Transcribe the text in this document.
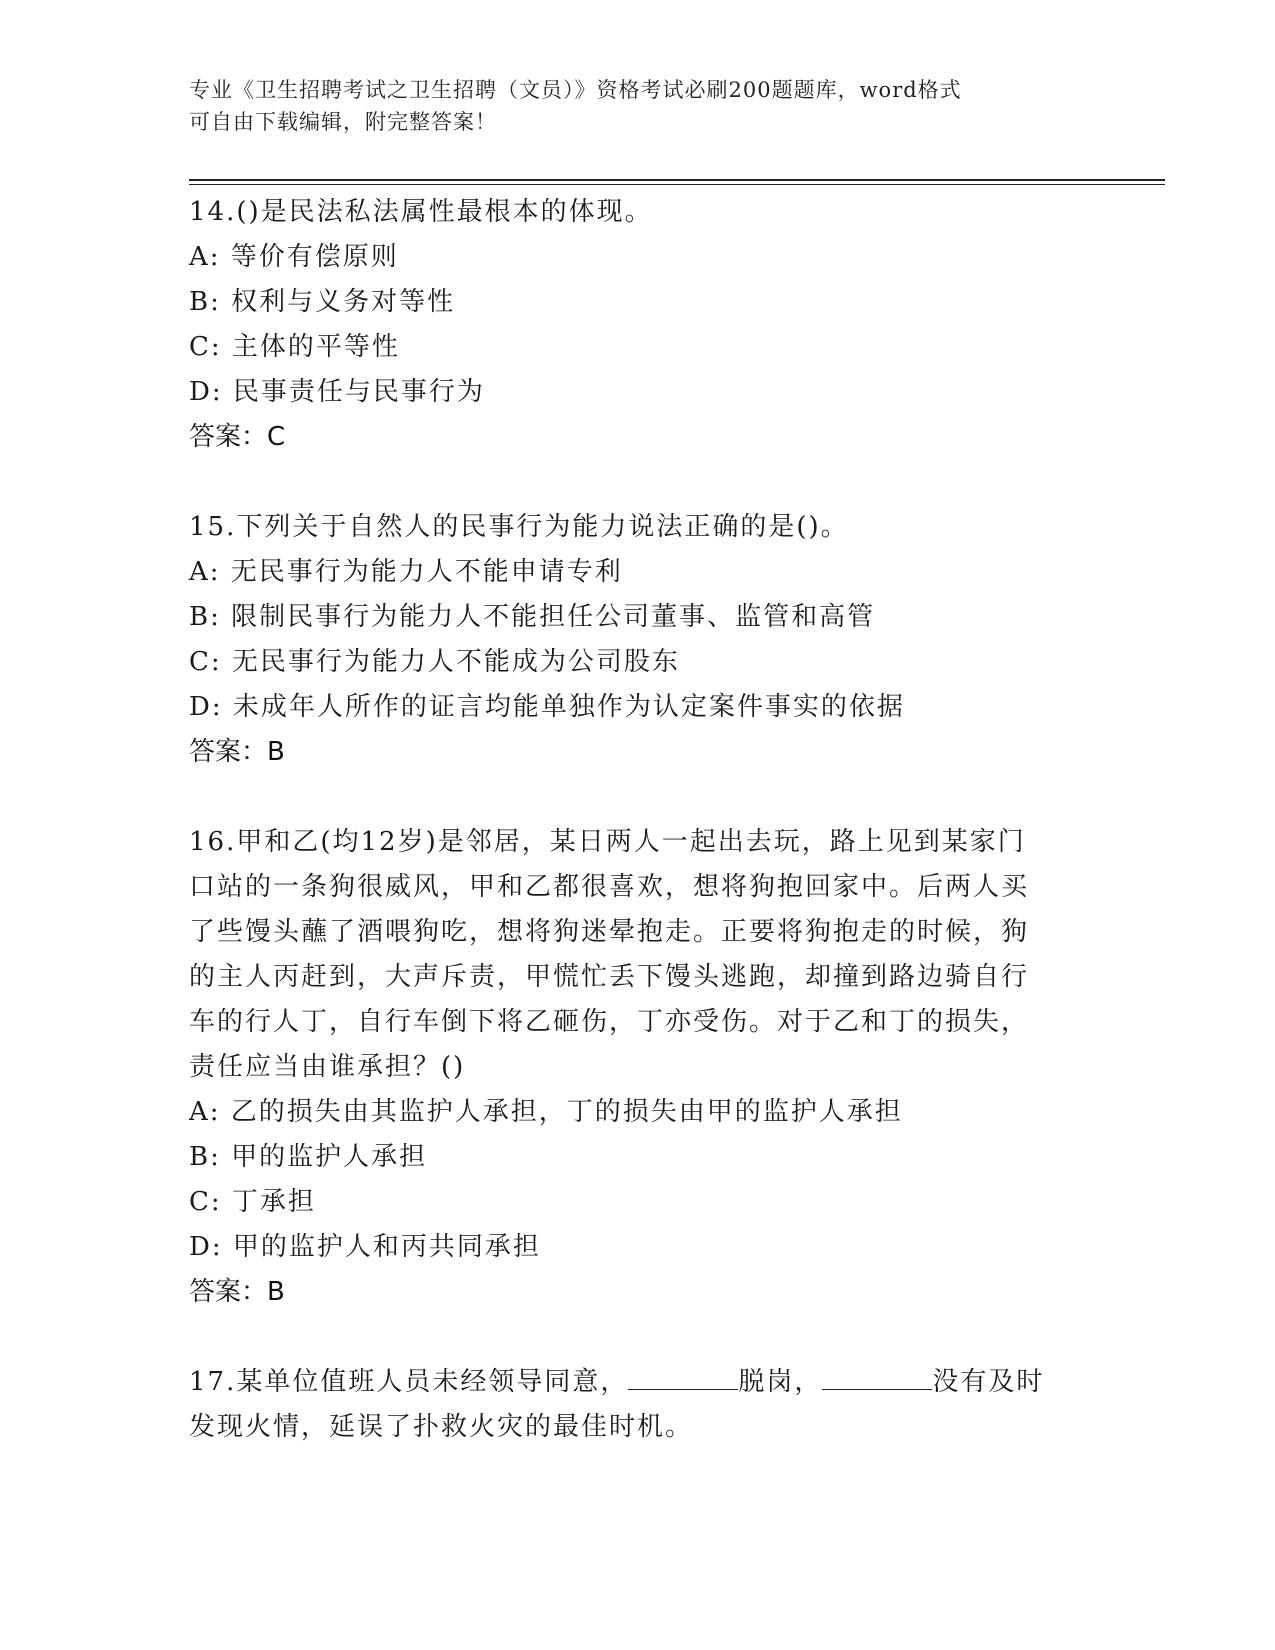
专业《卫生招聘考试之卫生招聘（文员）》资格考试必刷200题题库，word格式
可自由下载编辑，附完整答案！
14.()是民法私法属性最根本的体现。
A: 等价有偿原则
B: 权利与义务对等性
C: 主体的平等性
D: 民事责任与民事行为
答案：C
15.下列关于自然人的民事行为能力说法正确的是()。
A: 无民事行为能力人不能申请专利
B: 限制民事行为能力人不能担任公司董事、监管和高管
C: 无民事行为能力人不能成为公司股东
D: 未成年人所作的证言均能单独作为认定案件事实的依据
答案：B
16.甲和乙(均12岁)是邻居，某日两人一起出去玩，路上见到某家门
口站的一条狗很威风，甲和乙都很喜欢，想将狗抱回家中。后两人买
了些馒头蘸了酒喂狗吃，想将狗迷晕抱走。正要将狗抱走的时候，狗
的主人丙赶到，大声斥责，甲慌忙丢下馒头逃跑，却撞到路边骑自行
车的行人丁，自行车倒下将乙砸伤，丁亦受伤。对于乙和丁的损失，
责任应当由谁承担？()
A: 乙的损失由其监护人承担，丁的损失由甲的监护人承担
B: 甲的监护人承担
C: 丁承担
D: 甲的监护人和丙共同承担
答案：B
17.某单位值班人员未经领导同意，	脱岗，	没有及时
发现火情，延误了扑救火灾的最佳时机。
